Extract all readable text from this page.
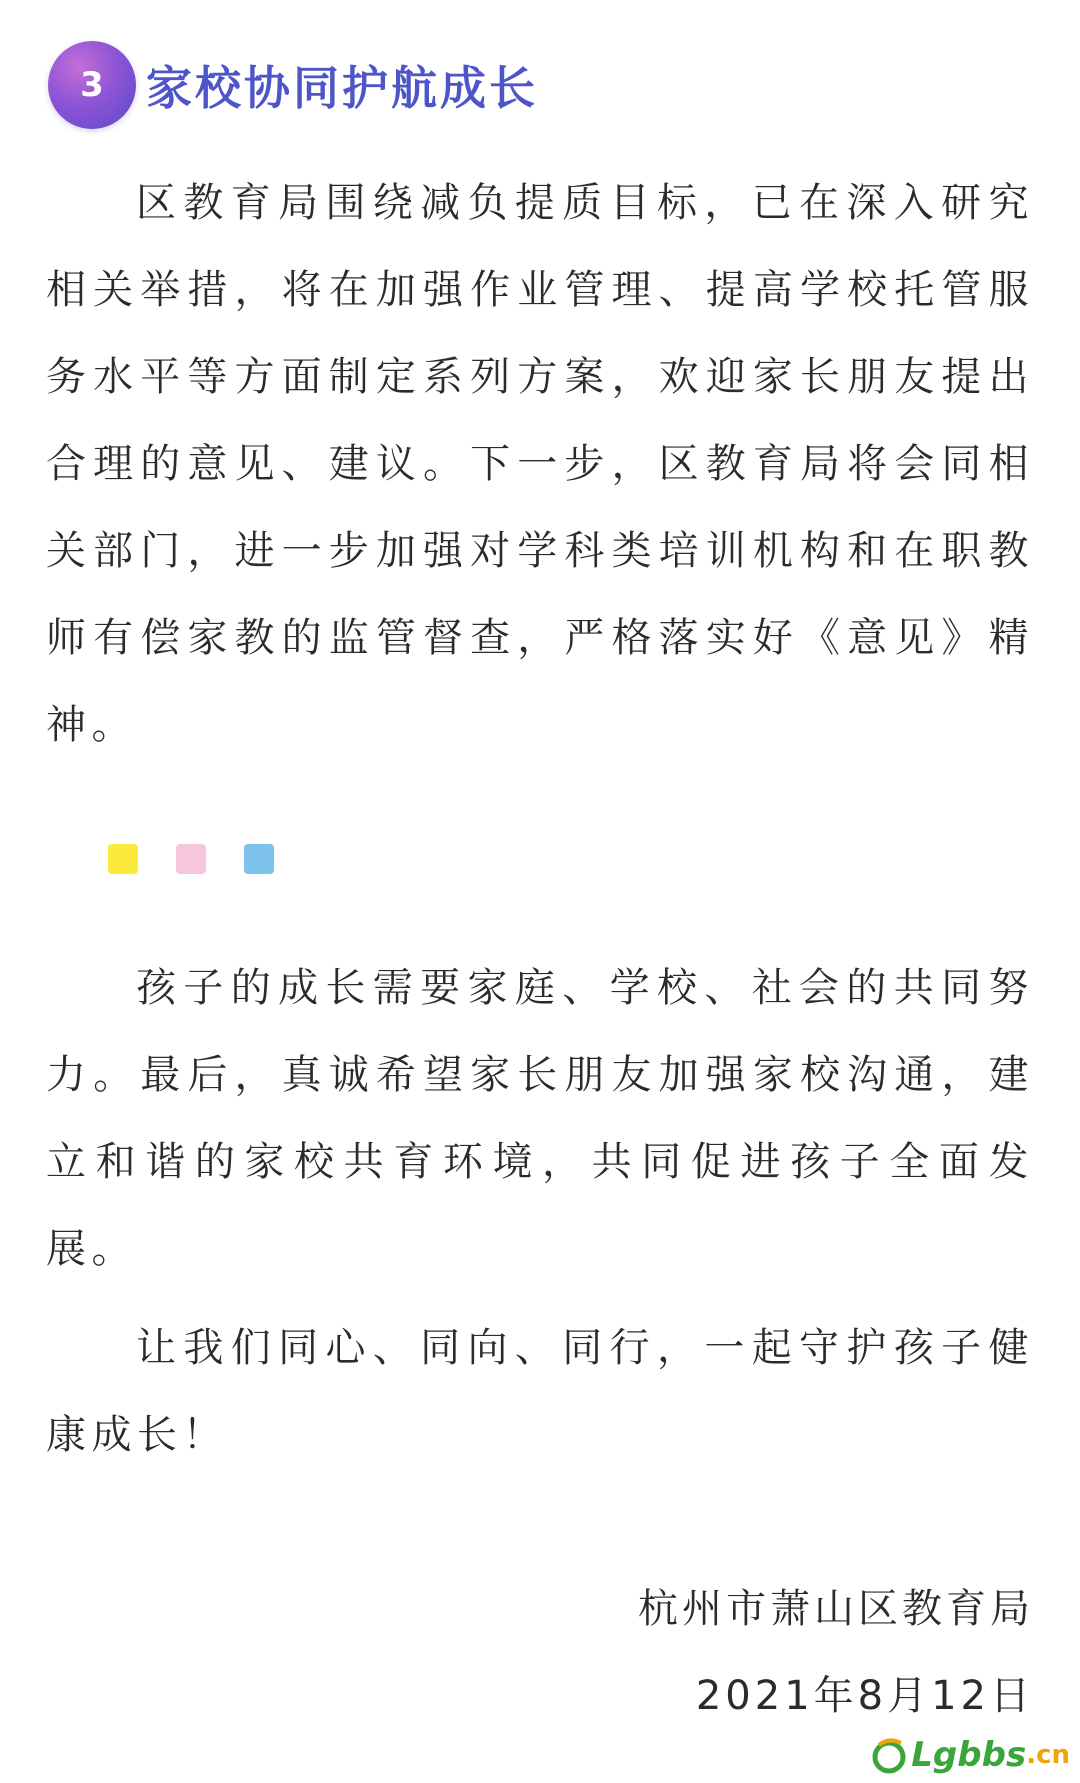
3 家校协同护航成长

区教育局围绕减负提质目标，已在深入研究相关举措，将在加强作业管理、提高学校托管服务水平等方面制定系列方案，欢迎家长朋友提出合理的意见、建议。下一步，区教育局将会同相关部门，进一步加强对学科类培训机构和在职教师有偿家教的监管督查，严格落实好《意见》精神。

孩子的成长需要家庭、学校、社会的共同努力。最后，真诚希望家长朋友加强家校沟通，建立和谐的家校共育环境，共同促进孩子全面发展。

让我们同心、同向、同行，一起守护孩子健康成长！

杭州市萧山区教育局
2021年8月12日
Lgbbs .cn
